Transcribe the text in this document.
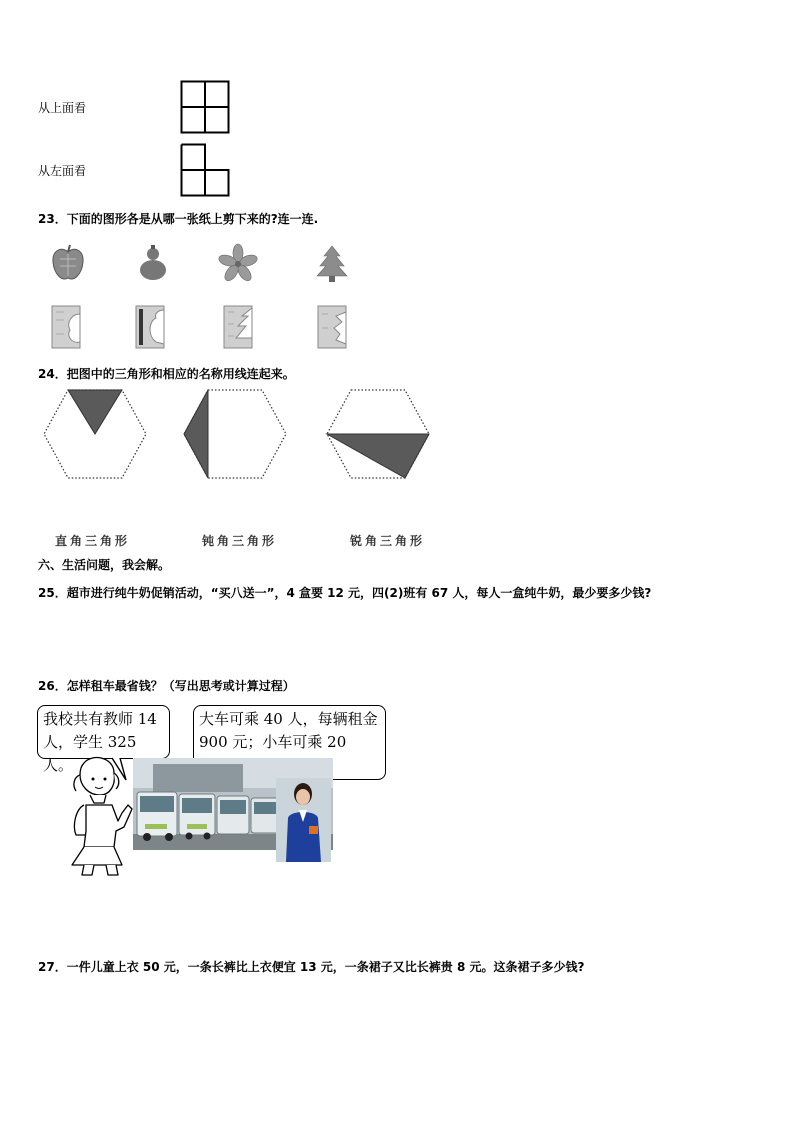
从上面看
从左面看
23．下面的图形各是从哪一张纸上剪下来的?连一连.
24．把图中的三角形和相应的名称用线连起来。
直角三角形	钝角三角形	锐角三角形
六、生活问题，我会解。
25．超市进行纯牛奶促销活动，“买八送一”，4 盒要 12 元，四(2)班有 67 人，每人一盒纯牛奶，最少要多少钱?
26．怎样租车最省钱？（写出思考或计算过程）
我校共有教师 14
人，学生 325 人。
大车可乘 40 人，每辆租金
900 元；小车可乘 20
27．一件儿童上衣 50 元，一条长裤比上衣便宜 13 元，一条裙子又比长裤贵 8 元。这条裙子多少钱?
